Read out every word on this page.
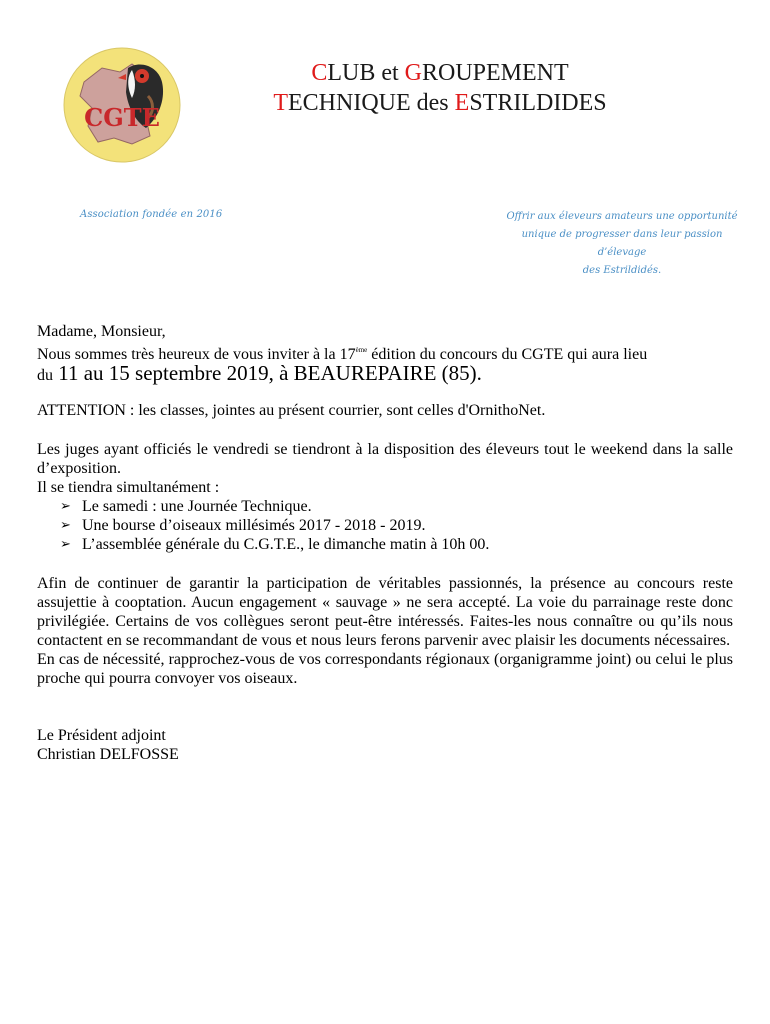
CGTE
CLUB et GROUPEMENT
TECHNIQUE des ESTRILDIDES
Association fondée en 2016	Offrir aux éleveurs amateurs une opportunité
unique de progresser dans leur passion d’élevage
des Estrildidés.

Madame, Monsieur,

Nous sommes très heureux de vous inviter à la 17ème édition du concours du CGTE qui aura lieu

du 11 au 15 septembre 2019, à BEAUREPAIRE (85).

ATTENTION : les classes, jointes au présent courrier, sont celles d'OrnithoNet.

Les juges ayant officiés le vendredi se tiendront à la disposition des éleveurs tout le weekend dans la salle d’exposition.

Il se tiendra simultanément :

➢ Le samedi : une Journée Technique.
➢ Une bourse d’oiseaux millésimés 2017 - 2018 - 2019.
➢ L’assemblée générale du C.G.T.E., le dimanche matin à 10h 00.

Afin de continuer de garantir la participation de véritables passionnés, la présence au concours reste assujettie à cooptation. Aucun engagement « sauvage » ne sera accepté. La voie du parrainage reste donc privilégiée. Certains de vos collègues seront peut-être intéressés. Faites-les nous connaître ou qu’ils nous contactent en se recommandant de vous et nous leurs ferons parvenir avec plaisir les documents nécessaires.

En cas de nécessité, rapprochez-vous de vos correspondants régionaux (organigramme joint) ou celui le plus proche qui pourra convoyer vos oiseaux.

Le Président adjoint

Christian DELFOSSE
